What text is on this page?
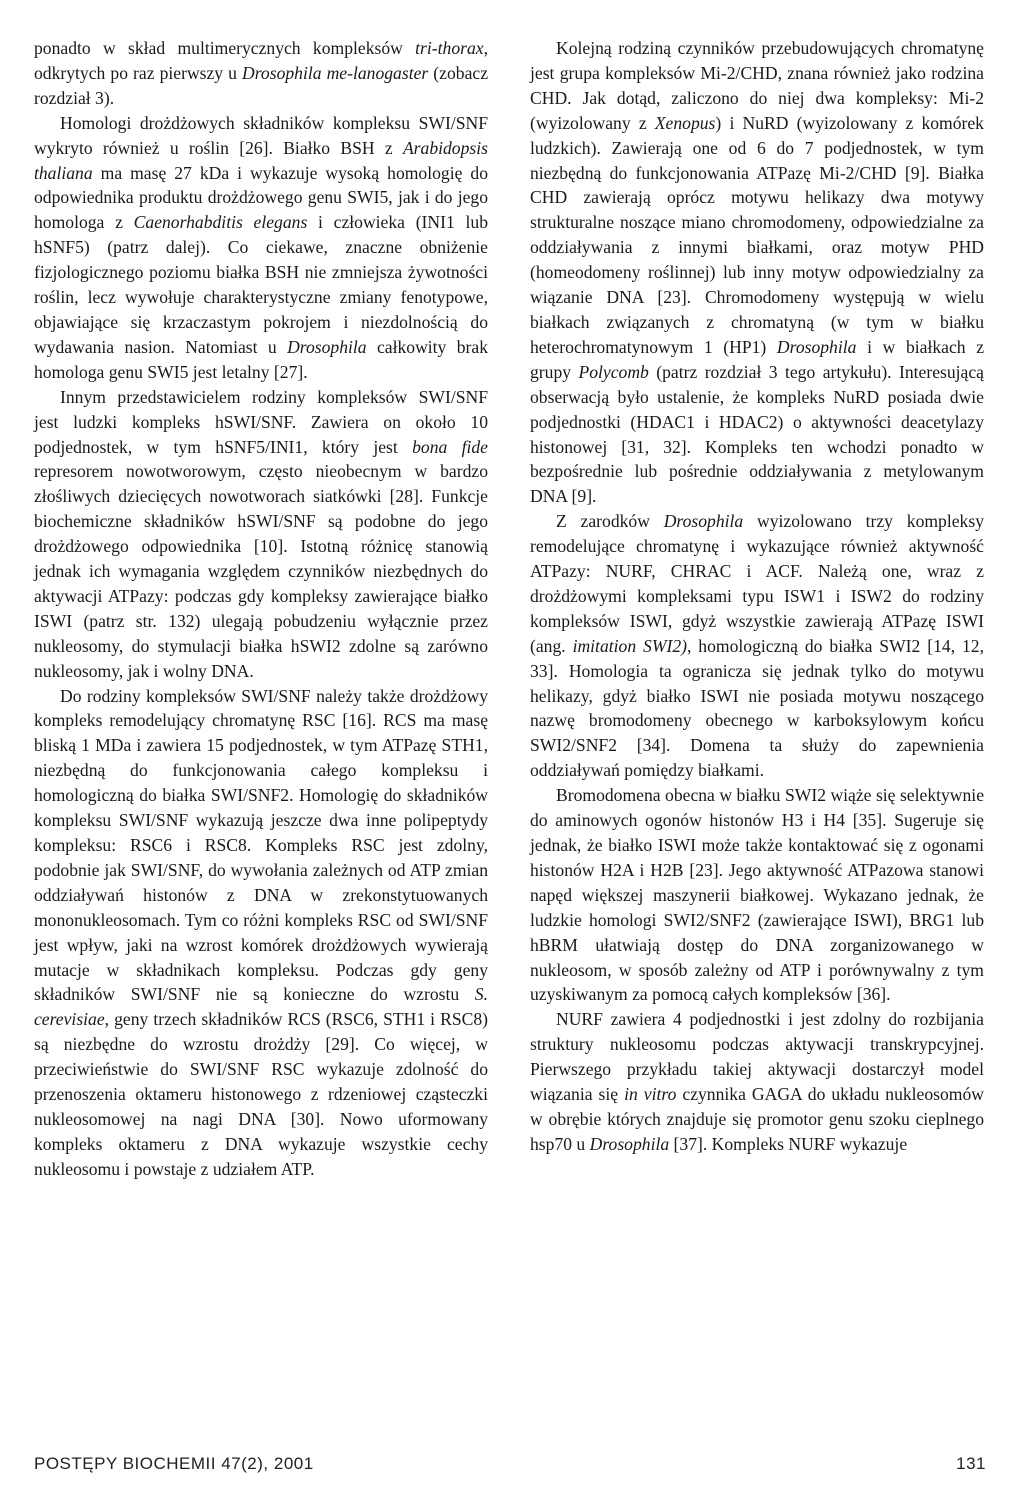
ponadto w skład multimerycznych kompleksów tri-thorax, odkrytych po raz pierwszy u Drosophila me-lanogaster (zobacz rozdział 3).

Homologi drożdżowych składników kompleksu SWI/SNF wykryto również u roślin [26]. Białko BSH z Arabidopsis thaliana ma masę 27 kDa i wykazuje wysoką homologię do odpowiednika produktu drożdżowego genu SWI5, jak i do jego homologa z Caenorhabditis elegans i człowieka (INI1 lub hSNF5) (patrz dalej). Co ciekawe, znaczne obniżenie fizjologicznego poziomu białka BSH nie zmniejsza żywotności roślin, lecz wywołuje charakterystyczne zmiany fenotypowe, objawiające się krzaczastym pokrojem i niezdolnością do wydawania nasion. Natomiast u Drosophila całkowity brak homologa genu SWI5 jest letalny [27].

Innym przedstawicielem rodziny kompleksów SWI/SNF jest ludzki kompleks hSWI/SNF. Zawiera on około 10 podjednostek, w tym hSNF5/INI1, który jest bona fide represorem nowotworowym, często nieobecnym w bardzo złośliwych dziecięcych nowotworach siatkówki [28]. Funkcje biochemiczne składników hSWI/SNF są podobne do jego drożdżowego odpowiednika [10]. Istotną różnicę stanowią jednak ich wymagania względem czynników niezbędnych do aktywacji ATPazy: podczas gdy kompleksy zawierające białko ISWI (patrz str. 132) ulegają pobudzeniu wyłącznie przez nukleosomy, do stymulacji białka hSWI2 zdolne są zarówno nukleosomy, jak i wolny DNA.

Do rodziny kompleksów SWI/SNF należy także drożdżowy kompleks remodelujący chromatynę RSC [16]. RCS ma masę bliską 1 MDa i zawiera 15 podjednostek, w tym ATPazę STH1, niezbędną do funkcjonowania całego kompleksu i homologiczną do białka SWI/SNF2. Homologię do składników kompleksu SWI/SNF wykazują jeszcze dwa inne polipeptydy kompleksu: RSC6 i RSC8. Kompleks RSC jest zdolny, podobnie jak SWI/SNF, do wywołania zależnych od ATP zmian oddziaływań histonów z DNA w zrekonstytuowanych mononukleosomach. Tym co różni kompleks RSC od SWI/SNF jest wpływ, jaki na wzrost komórek drożdżowych wywierają mutacje w składnikach kompleksu. Podczas gdy geny składników SWI/SNF nie są konieczne do wzrostu S. cerevisiae, geny trzech składników RCS (RSC6, STH1 i RSC8) są niezbędne do wzrostu drożdży [29]. Co więcej, w przeciwieństwie do SWI/SNF RSC wykazuje zdolność do przenoszenia oktameru histonowego z rdzeniowej cząsteczki nukleosomowej na nagi DNA [30]. Nowo uformowany kompleks oktameru z DNA wykazuje wszystkie cechy nukleosomu i powstaje z udziałem ATP.

Kolejną rodziną czynników przebudowujących chromatynę jest grupa kompleksów Mi-2/CHD, znana również jako rodzina CHD. Jak dotąd, zaliczono do niej dwa kompleksy: Mi-2 (wyizolowany z Xenopus) i NuRD (wyizolowany z komórek ludzkich). Zawierają one od 6 do 7 podjednostek, w tym niezbędną do funkcjonowania ATPazę Mi-2/CHD [9]. Białka CHD zawierają oprócz motywu helikazy dwa motywy strukturalne noszące miano chromodomeny, odpowiedzialne za oddziaływania z innymi białkami, oraz motyw PHD (homeodomeny roślinnej) lub inny motyw odpowiedzialny za wiązanie DNA [23]. Chromodomeny występują w wielu białkach związanych z chromatyną (w tym w białku heterochromatynowym 1 (HP1) Drosophila i w białkach z grupy Polycomb (patrz rozdział 3 tego artykułu). Interesującą obserwacją było ustalenie, że kompleks NuRD posiada dwie podjednostki (HDAC1 i HDAC2) o aktywności deacetylazy histonowej [31, 32]. Kompleks ten wchodzi ponadto w bezpośrednie lub pośrednie oddziaływania z metylowanym DNA [9].

Z zarodków Drosophila wyizolowano trzy kompleksy remodelujące chromatynę i wykazujące również aktywność ATPazy: NURF, CHRAC i ACF. Należą one, wraz z drożdżowymi kompleksami typu ISW1 i ISW2 do rodziny kompleksów ISWI, gdyż wszystkie zawierają ATPazę ISWI (ang. imitation SWI2), homologiczną do białka SWI2 [14, 12, 33]. Homologia ta ogranicza się jednak tylko do motywu helikazy, gdyż białko ISWI nie posiada motywu noszącego nazwę bromodomeny obecnego w karboksylowym końcu SWI2/SNF2 [34]. Domena ta służy do zapewnienia oddziaływań pomiędzy białkami.

Bromodomena obecna w białku SWI2 wiąże się selektywnie do aminowych ogonów histonów H3 i H4 [35]. Sugeruje się jednak, że białko ISWI może także kontaktować się z ogonami histonów H2A i H2B [23]. Jego aktywność ATPazowa stanowi napęd większej maszynerii białkowej. Wykazano jednak, że ludzkie homologi SWI2/SNF2 (zawierające ISWI), BRG1 lub hBRM ułatwiają dostęp do DNA zorganizowanego w nukleosom, w sposób zależny od ATP i porównywalny z tym uzyskiwanym za pomocą całych kompleksów [36].

NURF zawiera 4 podjednostki i jest zdolny do rozbijania struktury nukleosomu podczas aktywacji transkrypcyjnej. Pierwszego przykładu takiej aktywacji dostarczył model wiązania się in vitro czynnika GAGA do układu nukleosomów w obrębie których znajduje się promotor genu szoku cieplnego hsp70 u Drosophila [37]. Kompleks NURF wykazuje

POSTĘPY BIOCHEMII 47(2), 2001	131
